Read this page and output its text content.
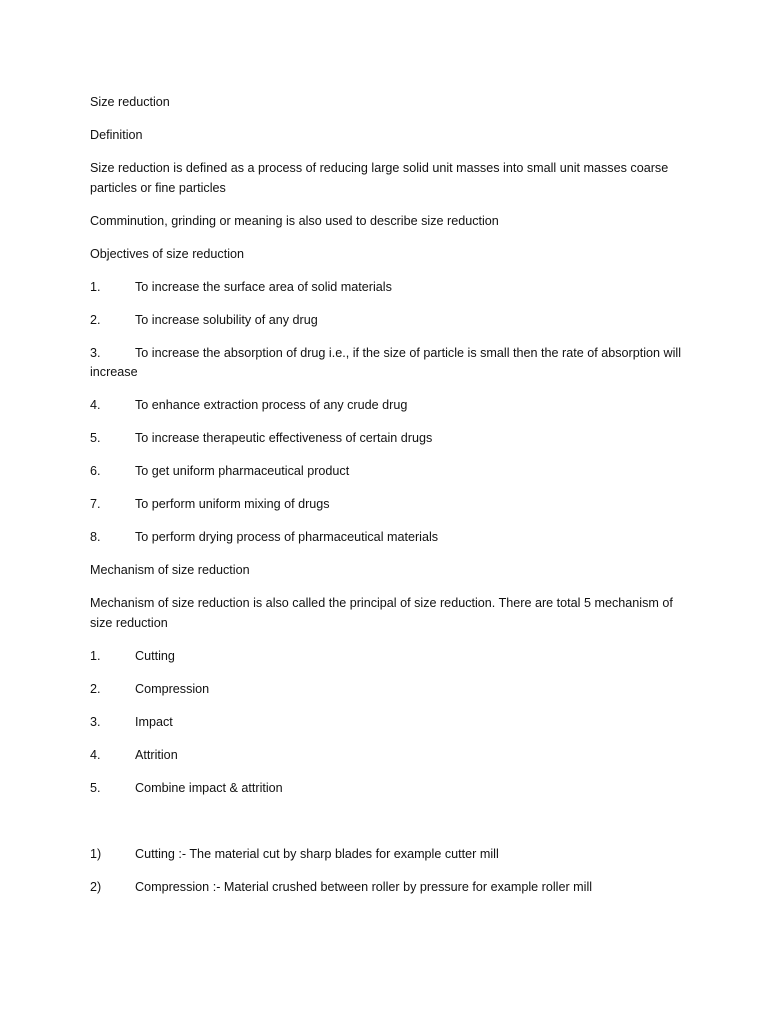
Size reduction

Definition

Size reduction is defined as a process of reducing large solid unit masses into small unit masses coarse particles or fine particles

Comminution, grinding or meaning is also used to describe size reduction

Objectives of size reduction

1.	To increase the surface area of solid materials
2.	To increase solubility of any drug
3.	To increase the absorption of drug i.e., if the size of particle is small then the rate of absorption will increase
4.	To enhance extraction process of any crude drug
5.	To increase therapeutic effectiveness of certain drugs
6.	To get uniform pharmaceutical product
7.	To perform uniform mixing of drugs
8.	To perform drying process of pharmaceutical materials

Mechanism of size reduction

Mechanism of size reduction is also called the principal of size reduction. There are total 5 mechanism of size reduction

1.	Cutting
2.	Compression
3.	Impact
4.	Attrition
5.	Combine impact & attrition
1)	Cutting :- The material cut by sharp blades for example cutter mill
2)	Compression :- Material crushed between roller by pressure for example roller mill
